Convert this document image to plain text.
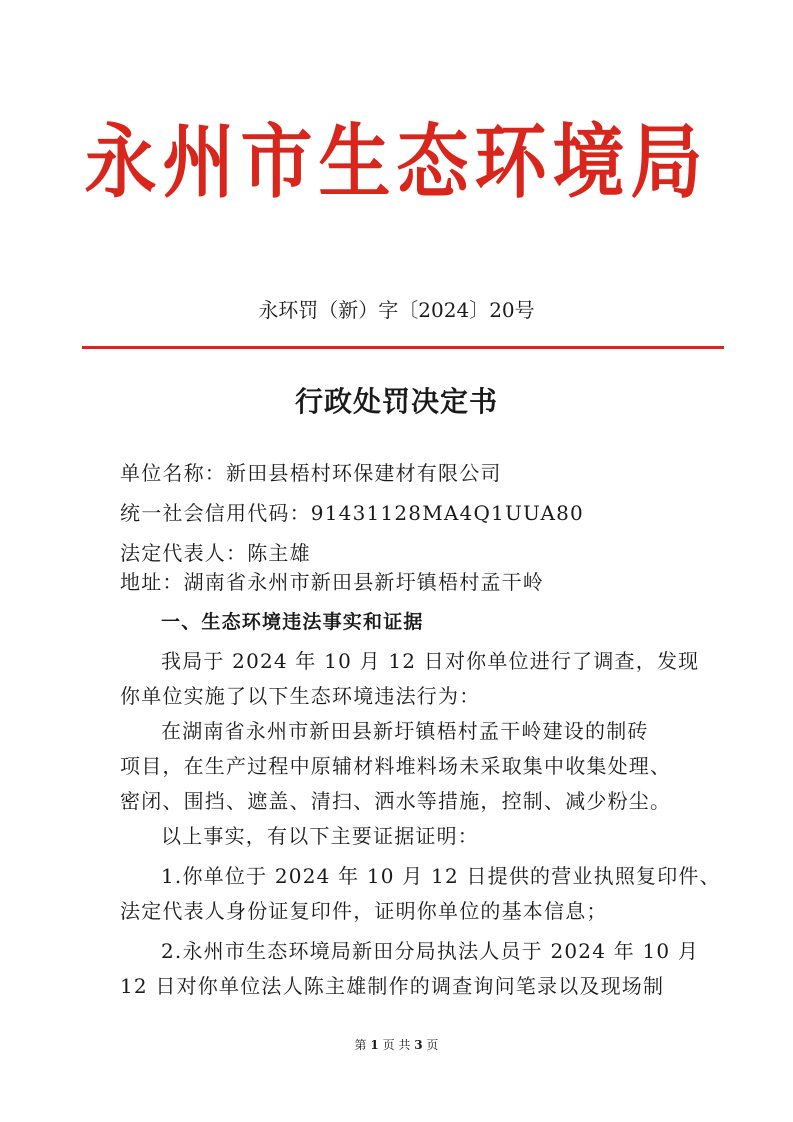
永州市生态环境局
永环罚（新）字〔2024〕20号
行政处罚决定书
单位名称：新田县梧村环保建材有限公司
统一社会信用代码：91431128MA4Q1UUA80
法定代表人：陈主雄
地址：湖南省永州市新田县新圩镇梧村孟干岭
一、生态环境违法事实和证据
我局于 2024 年 10 月 12 日对你单位进行了调查，发现
你单位实施了以下生态环境违法行为：
在湖南省永州市新田县新圩镇梧村孟干岭建设的制砖
项目，在生产过程中原辅材料堆料场未采取集中收集处理、
密闭、围挡、遮盖、清扫、洒水等措施，控制、减少粉尘。
以上事实，有以下主要证据证明：
1.你单位于 2024 年 10 月 12 日提供的营业执照复印件、
法定代表人身份证复印件，证明你单位的基本信息；
2.永州市生态环境局新田分局执法人员于 2024 年 10 月
12 日对你单位法人陈主雄制作的调查询问笔录以及现场制
第 1 页 共 3 页
